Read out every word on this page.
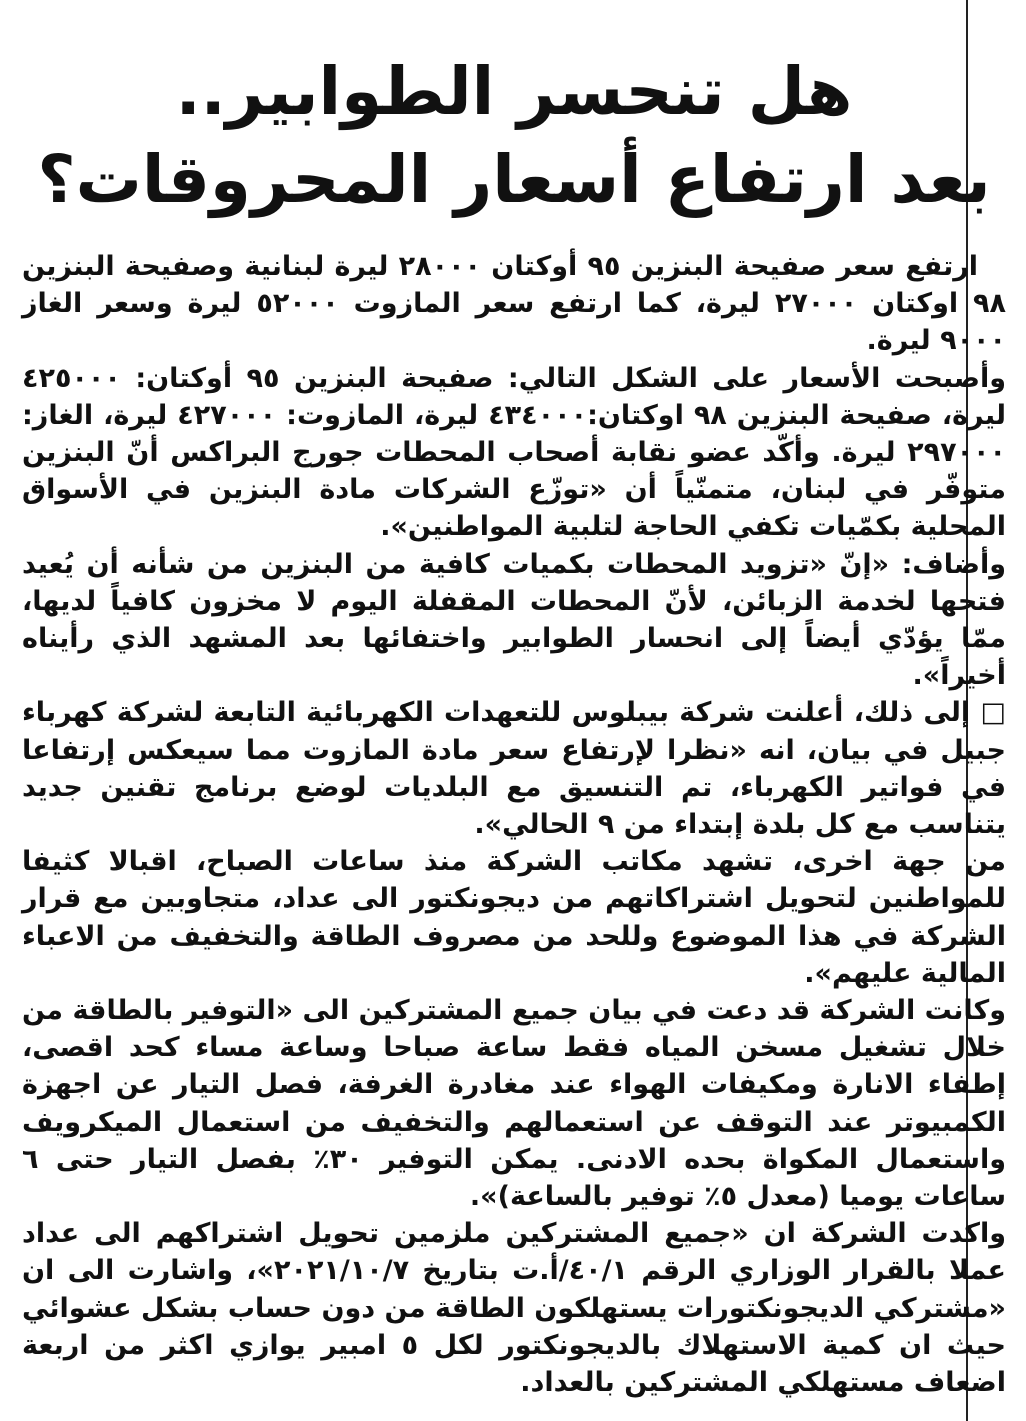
هل تنحسر الطوابير..
بعد ارتفاع أسعار المحروقات؟

ارتفع سعر صفيحة البنزين ٩٥ أوكتان ٢٨٠٠٠ ليرة لبنانية وصفيحة البنزين ٩٨ اوكتان ٢٧٠٠٠ ليرة، كما ارتفع سعر المازوت ٥٢٠٠٠ ليرة وسعر الغاز ٩٠٠٠ ليرة.

وأصبحت الأسعار على الشكل التالي: صفيحة البنزين ٩٥ أوكتان: ٤٢٥٠٠٠ ليرة، صفيحة البنزين ٩٨ اوكتان:٤٣٤٠٠٠ ليرة، المازوت: ٤٢٧٠٠٠ ليرة، الغاز: ٢٩٧٠٠٠ ليرة. وأكّد عضو نقابة أصحاب المحطات جورج البراكس أنّ البنزين متوفّر في لبنان، متمنّياً أن «توزّع الشركات مادة البنزين في الأسواق المحلية بكمّيات تكفي الحاجة لتلبية المواطنين».

وأضاف: «إنّ «تزويد المحطات بكميات كافية من البنزين من شأنه أن يُعيد فتحها لخدمة الزبائن، لأنّ المحطات المقفلة اليوم لا مخزون كافياً لديها، ممّا يؤدّي أيضاً إلى انحسار الطوابير واختفائها بعد المشهد الذي رأيناه أخيراً».

□ إلى ذلك، أعلنت شركة بيبلوس للتعهدات الكهربائية التابعة لشركة كهرباء جبيل في بيان، انه «نظرا لإرتفاع سعر مادة المازوت مما سيعكس إرتفاعا في فواتير الكهرباء، تم التنسيق مع البلديات لوضع برنامج تقنين جديد يتناسب مع كل بلدة إبتداء من ٩ الحالي».

من جهة اخرى، تشهد مكاتب الشركة منذ ساعات الصباح، اقبالا كثيفا للمواطنين لتحويل اشتراكاتهم من ديجونكتور الى عداد، متجاوبين مع قرار الشركة في هذا الموضوع وللحد من مصروف الطاقة والتخفيف من الاعباء المالية عليهم».

وكانت الشركة قد دعت في بيان جميع المشتركين الى «التوفير بالطاقة من خلال تشغيل مسخن المياه فقط ساعة صباحا وساعة مساء كحد اقصى، إطفاء الانارة ومكيفات الهواء عند مغادرة الغرفة، فصل التيار عن اجهزة الكمبيوتر عند التوقف عن استعمالهم والتخفيف من استعمال الميكرويف واستعمال المكواة بحده الادنى. يمكن التوفير ٣٠٪ بفصل التيار حتى ٦ ساعات يوميا (معدل ٥٪ توفير بالساعة)».

واكدت الشركة ان «جميع المشتركين ملزمين تحويل اشتراكهم الى عداد عملا بالقرار الوزاري الرقم ٤٠/١/أ.ت بتاريخ ٢٠٢١/١٠/٧»، واشارت الى ان «مشتركي الديجونكتورات يستهلكون الطاقة من دون حساب بشكل عشوائي حيث ان كمية الاستهلاك بالديجونكتور لكل ٥ امبير يوازي اكثر من اربعة اضعاف مستهلكي المشتركين بالعداد.
